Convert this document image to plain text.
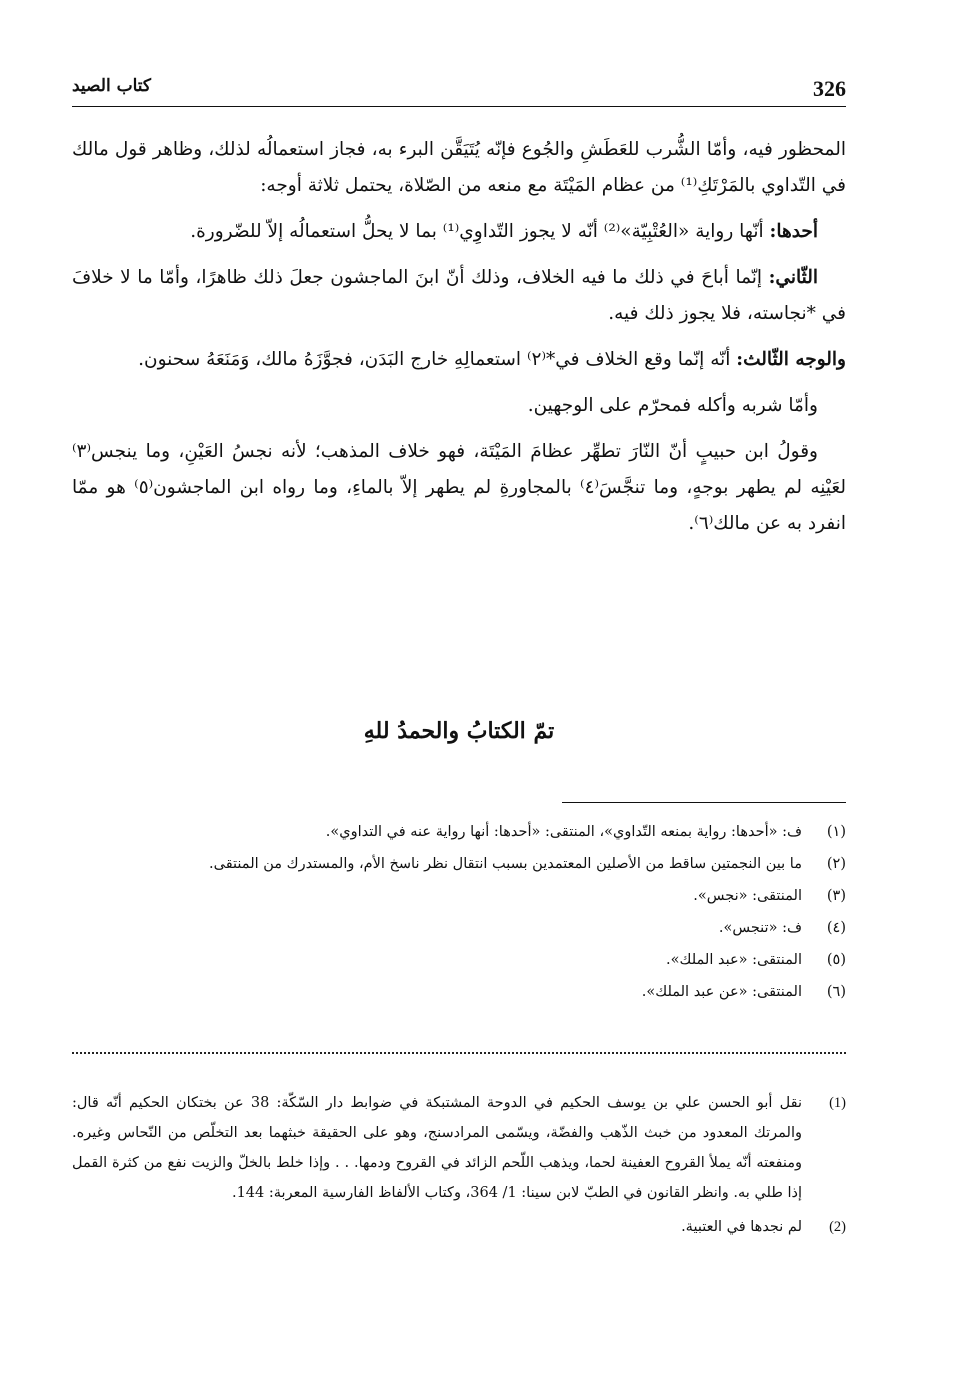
326
كتاب الصيد

المحظور فيه، وأمّا الشُّرب للعَطَشِ والجُوع فإنّه يُتَيَقَّن البرء به، فجاز استعمالُه لذلك، وظاهر قول مالك في التّداوي بالمَرْتَكِ⁽¹⁾ من عظام المَيْتَة مع منعه من الصّلاة، يحتمل ثلاثة أوجه:

أحدها: أنّها رواية «العُتْبِيّة»⁽²⁾ أنّه لا يجوز التّداوِي⁽¹⁾ بما لا يحلُّ استعمالُه إلاّ للضّرورة.

الثّاني: إنّما أباحَ في ذلك ما فيه الخلاف، وذلك أنّ ابنَ الماجشون جعلَ ذلك ظاهرًا، وأمّا ما لا خلافَ في *نجاسته، فلا يجوز ذلك فيه.

والوجه الثّالث: أنّه إنّما وقع الخلاف في*⁽٢⁾ استعمالِهِ خارج البَدَن، فجوَّزَهُ مالك، وَمَنَعَهُ سحنون.

وأمّا شربه وأكله فمحرّم على الوجهين.

وقولُ ابن حبيبٍ أنّ النّارَ تطهِّر عظامَ المَيْتَة، فهو خلاف المذهب؛ لأنه نجسُ العَيْنِ، وما ينجس⁽٣⁾ لعَيْنِه لم يطهر بوجهٍ، وما تنجَّسَ⁽٤⁾ بالمجاورةِ لم يطهر إلاّ بالماءِ، وما رواه ابن الماجشون⁽٥⁾ هو ممّا انفرد به عن مالك⁽٦⁾.

تمّ الكتابُ والحمدُ للهِ
(١)
ف: «أحدها: رواية بمنعه التّداوي»، المنتقى: «أحدها: أنها رواية عنه في التداوي».
(٢)
ما بين النجمتين ساقط من الأصلين المعتمدين بسبب انتقال نظر ناسخ الأم، والمستدرك من المنتقى.
(٣)
المنتقى: «نجس».
(٤)
ف: «تنجس».
(٥)
المنتقى: «عبد الملك».
(٦)
المنتقى: «عن عبد الملك».
(1)
نقل أبو الحسن علي بن يوسف الحكيم في الدوحة المشتبكة في ضوابط دار السّكّة: 38 عن بختكان الحكيم أنّه قال: والمرتك المعدود من خبث الذّهب والفضّة، ويسّمى المرادسنج، وهو على الحقيقة خبثهما بعد التخلّص من النّحاس وغيره. ومنفعته أنّه يملأ القروح العفينة لحما، ويذهب اللّحم الزائد في القروح ودمها. . . وإذا خلط بالخلّ والزيت نفع من كثرة القمل إذا طلي به. وانظر القانون في الطبّ لابن سينا: 1/ 364، وكتاب الألفاظ الفارسية المعربة: 144.
(2)
لم نجدها في العتبية.
